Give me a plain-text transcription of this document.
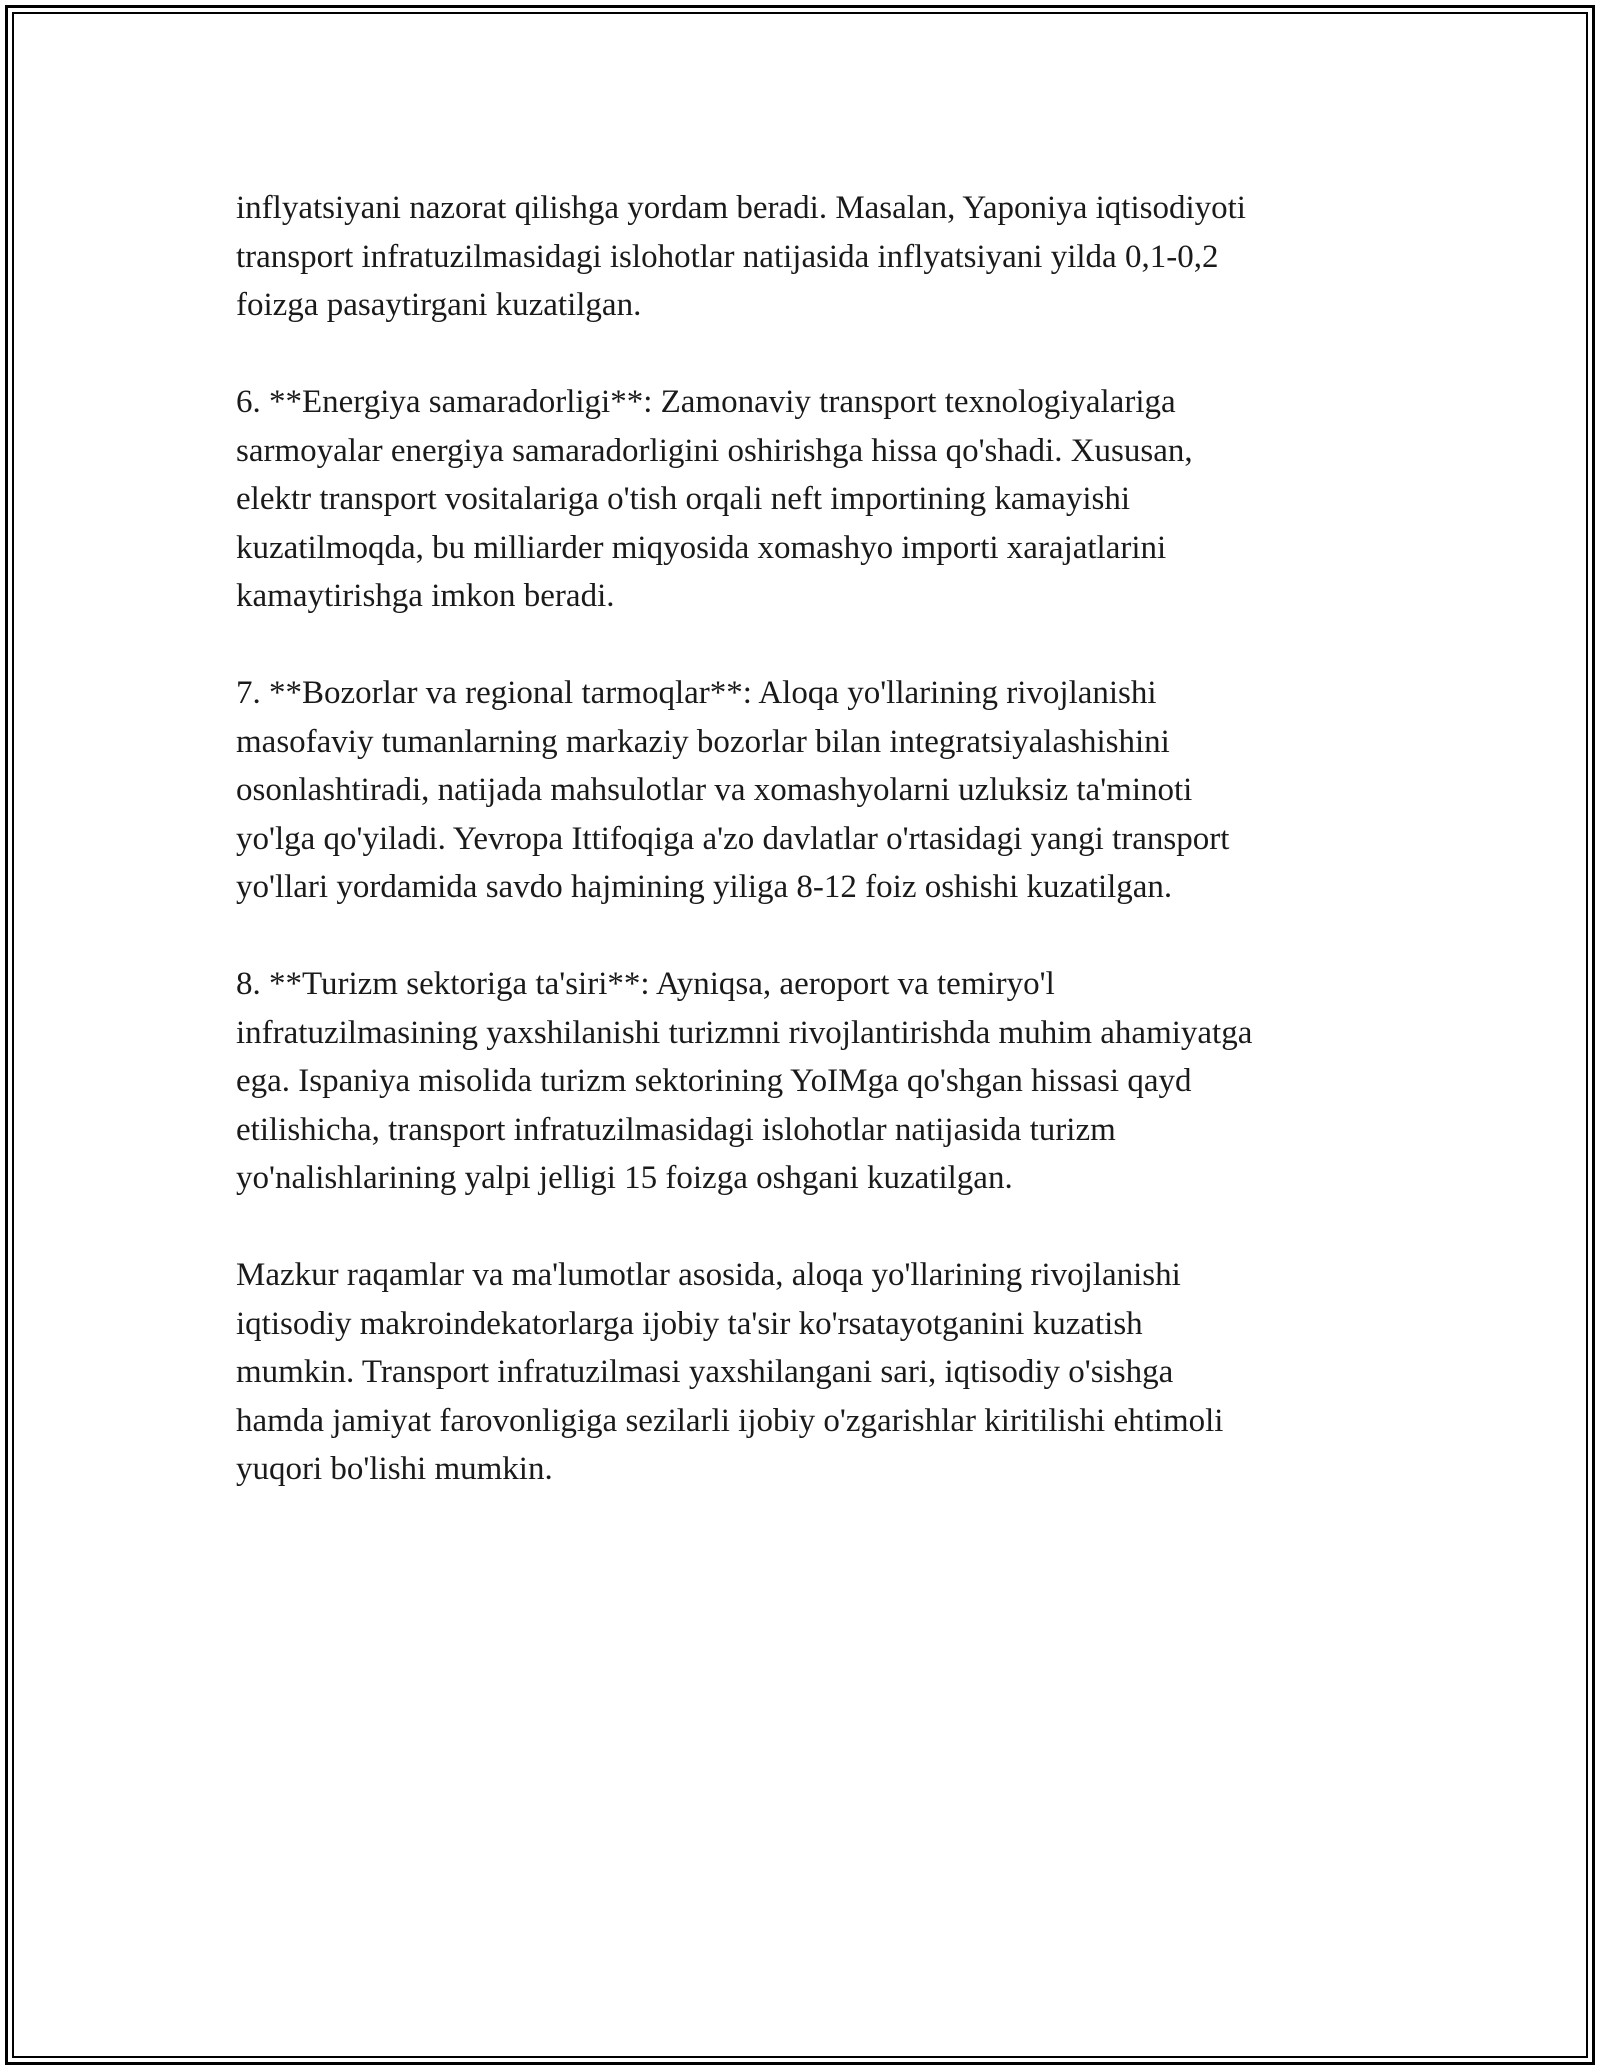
inflyatsiyani nazorat qilishga yordam beradi. Masalan, Yaponiya iqtisodiyoti
transport infratuzilmasidagi islohotlar natijasida inflyatsiyani yilda 0,1-0,2
foizga pasaytirgani kuzatilgan.

6. **Energiya samaradorligi**: Zamonaviy transport texnologiyalariga
sarmoyalar energiya samaradorligini oshirishga hissa qo'shadi. Xususan,
elektr transport vositalariga o'tish orqali neft importining kamayishi
kuzatilmoqda, bu milliarder miqyosida xomashyo importi xarajatlarini
kamaytirishga imkon beradi.

7. **Bozorlar va regional tarmoqlar**: Aloqa yo'llarining rivojlanishi
masofaviy tumanlarning markaziy bozorlar bilan integratsiyalashishini
osonlashtiradi, natijada mahsulotlar va xomashyolarni uzluksiz ta'minoti
yo'lga qo'yiladi. Yevropa Ittifoqiga a'zo davlatlar o'rtasidagi yangi transport
yo'llari yordamida savdo hajmining yiliga 8-12 foiz oshishi kuzatilgan.

8. **Turizm sektoriga ta'siri**: Ayniqsa, aeroport va temiryo'l
infratuzilmasining yaxshilanishi turizmni rivojlantirishda muhim ahamiyatga
ega. Ispaniya misolida turizm sektorining YoIMga qo'shgan hissasi qayd
etilishicha, transport infratuzilmasidagi islohotlar natijasida turizm
yo'nalishlarining yalpi jelligi 15 foizga oshgani kuzatilgan.

Mazkur raqamlar va ma'lumotlar asosida, aloqa yo'llarining rivojlanishi
iqtisodiy makroindekatorlarga ijobiy ta'sir ko'rsatayotganini kuzatish
mumkin. Transport infratuzilmasi yaxshilangani sari, iqtisodiy o'sishga
hamda jamiyat farovonligiga sezilarli ijobiy o'zgarishlar kiritilishi ehtimoli
yuqori bo'lishi mumkin.
